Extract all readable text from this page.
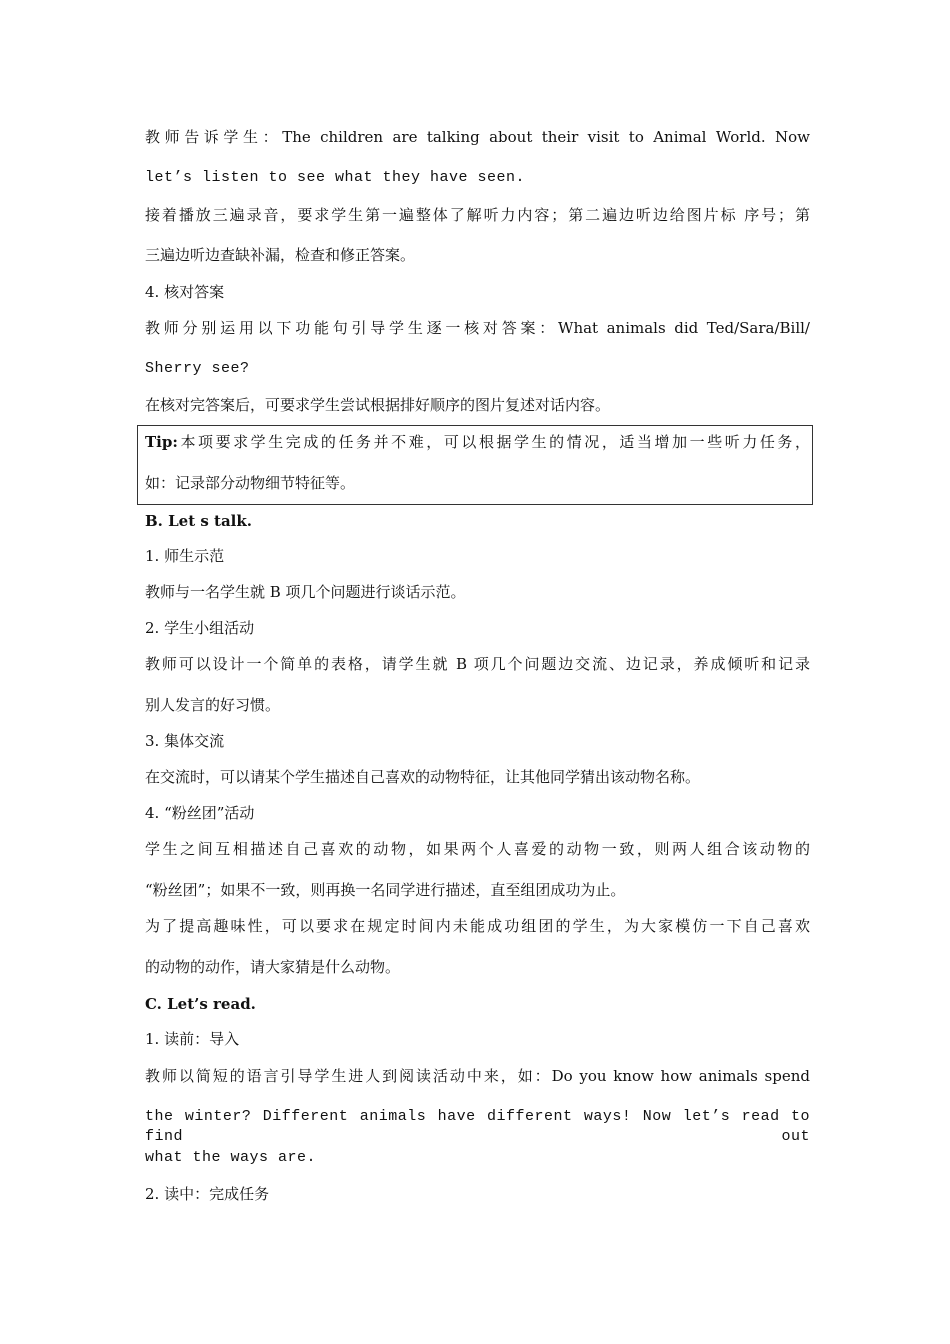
教师告诉学生：The children are talking about their visit to Animal World. Now
let’s listen to see what they have seen.
接着播放三遍录音，要求学生第一遍整体了解听力内容；第二遍边听边给图片标 序号；第
三遍边听边查缺补漏，检查和修正答案。
4. 核对答案
教师分别运用以下功能句引导学生逐一核对答案：What animals did Ted/Sara/Bill/
Sherry see?
在核对完答案后，可要求学生尝试根据排好顺序的图片复述对话内容。
Tip:本项要求学生完成的任务并不难，可以根据学生的情况，适当增加一些听力任务，
如：记录部分动物细节特征等。
B. Let s talk.
1. 师生示范
教师与一名学生就 B 项几个问题进行谈话示范。
2. 学生小组活动
教师可以设计一个简单的表格，请学生就 B 项几个问题边交流、边记录，养成倾听和记录
别人发言的好习惯。
3. 集体交流
在交流时，可以请某个学生描述自己喜欢的动物特征，让其他同学猜出该动物名称。
4. “粉丝团”活动
学生之间互相描述自己喜欢的动物，如果两个人喜爱的动物一致，则两人组合该动物的
“粉丝团”；如果不一致，则再换一名同学进行描述，直至组团成功为止。
为了提高趣味性，可以要求在规定时间内未能成功组团的学生，为大家模仿一下自己喜欢
的动物的动作，请大家猜是什么动物。
C. Let’s read.
1. 读前：导入
教师以简短的语言引导学生进人到阅读活动中来，如：Do you know how animals spend
the winter? Different animals have different ways! Now let’s read to find out
what the ways are.
2. 读中：完成任务
